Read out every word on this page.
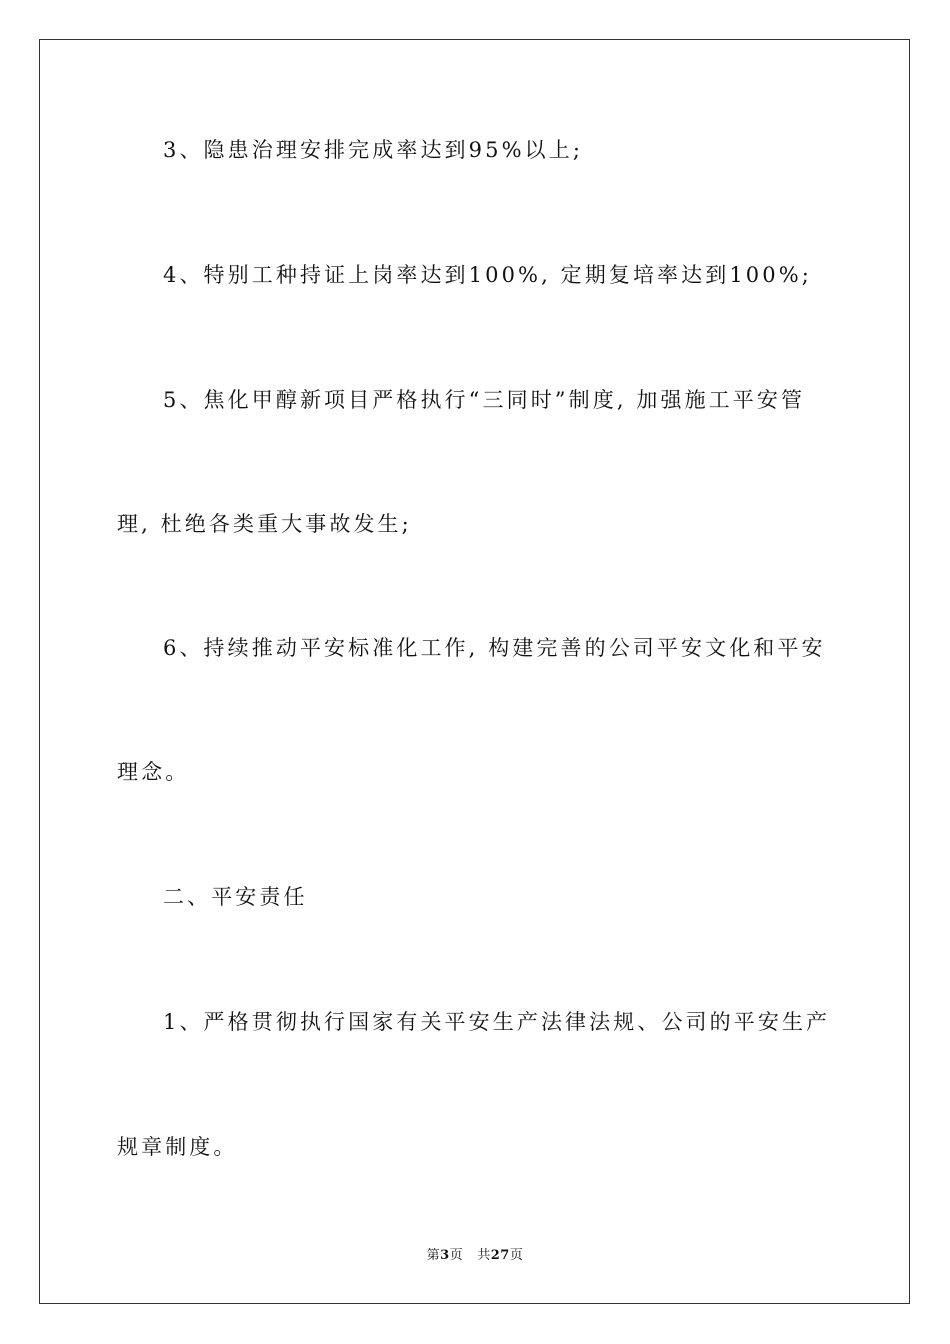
3、隐患治理安排完成率达到95%以上;
4、特别工种持证上岗率达到100%, 定期复培率达到100%;
5、焦化甲醇新项目严格执行“三同时”制度, 加强施工平安管
理, 杜绝各类重大事故发生;
6、持续推动平安标准化工作, 构建完善的公司平安文化和平安
理念。
二、平安责任
1、严格贯彻执行国家有关平安生产法律法规、公司的平安生产
规章制度。
第3页 共27页
